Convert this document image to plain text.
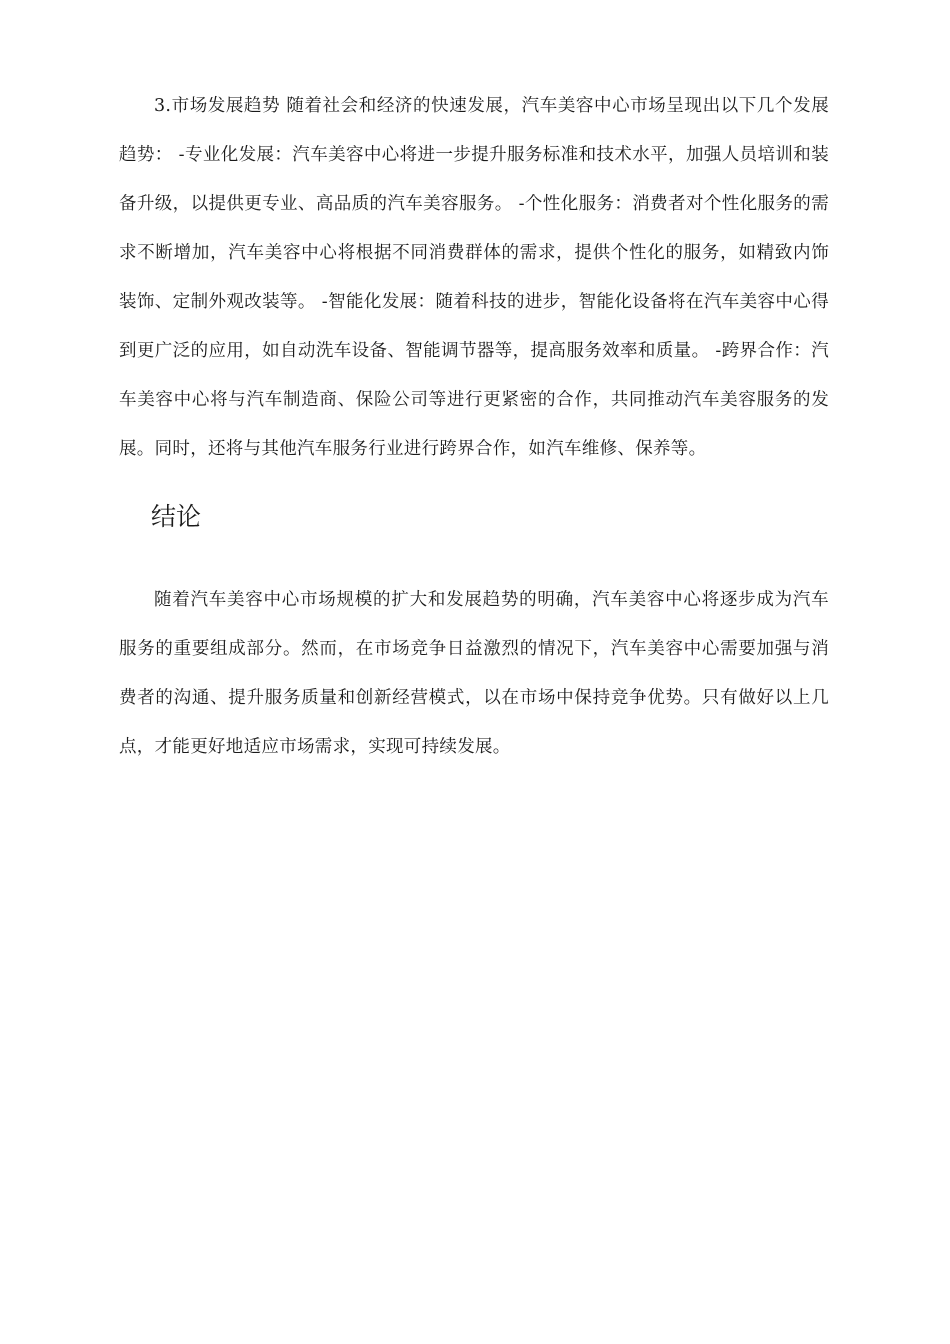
3.市场发展趋势 随着社会和经济的快速发展，汽车美容中心市场呈现出以下几个发展趋势： -专业化发展：汽车美容中心将进一步提升服务标准和技术水平，加强人员培训和装备升级，以提供更专业、高品质的汽车美容服务。 -个性化服务：消费者对个性化服务的需求不断增加，汽车美容中心将根据不同消费群体的需求，提供个性化的服务，如精致内饰装饰、定制外观改装等。 -智能化发展：随着科技的进步，智能化设备将在汽车美容中心得到更广泛的应用，如自动洗车设备、智能调节器等，提高服务效率和质量。 -跨界合作：汽车美容中心将与汽车制造商、保险公司等进行更紧密的合作，共同推动汽车美容服务的发展。同时，还将与其他汽车服务行业进行跨界合作，如汽车维修、保养等。

结论

随着汽车美容中心市场规模的扩大和发展趋势的明确，汽车美容中心将逐步成为汽车服务的重要组成部分。然而，在市场竞争日益激烈的情况下，汽车美容中心需要加强与消费者的沟通、提升服务质量和创新经营模式，以在市场中保持竞争优势。只有做好以上几点，才能更好地适应市场需求，实现可持续发展。
